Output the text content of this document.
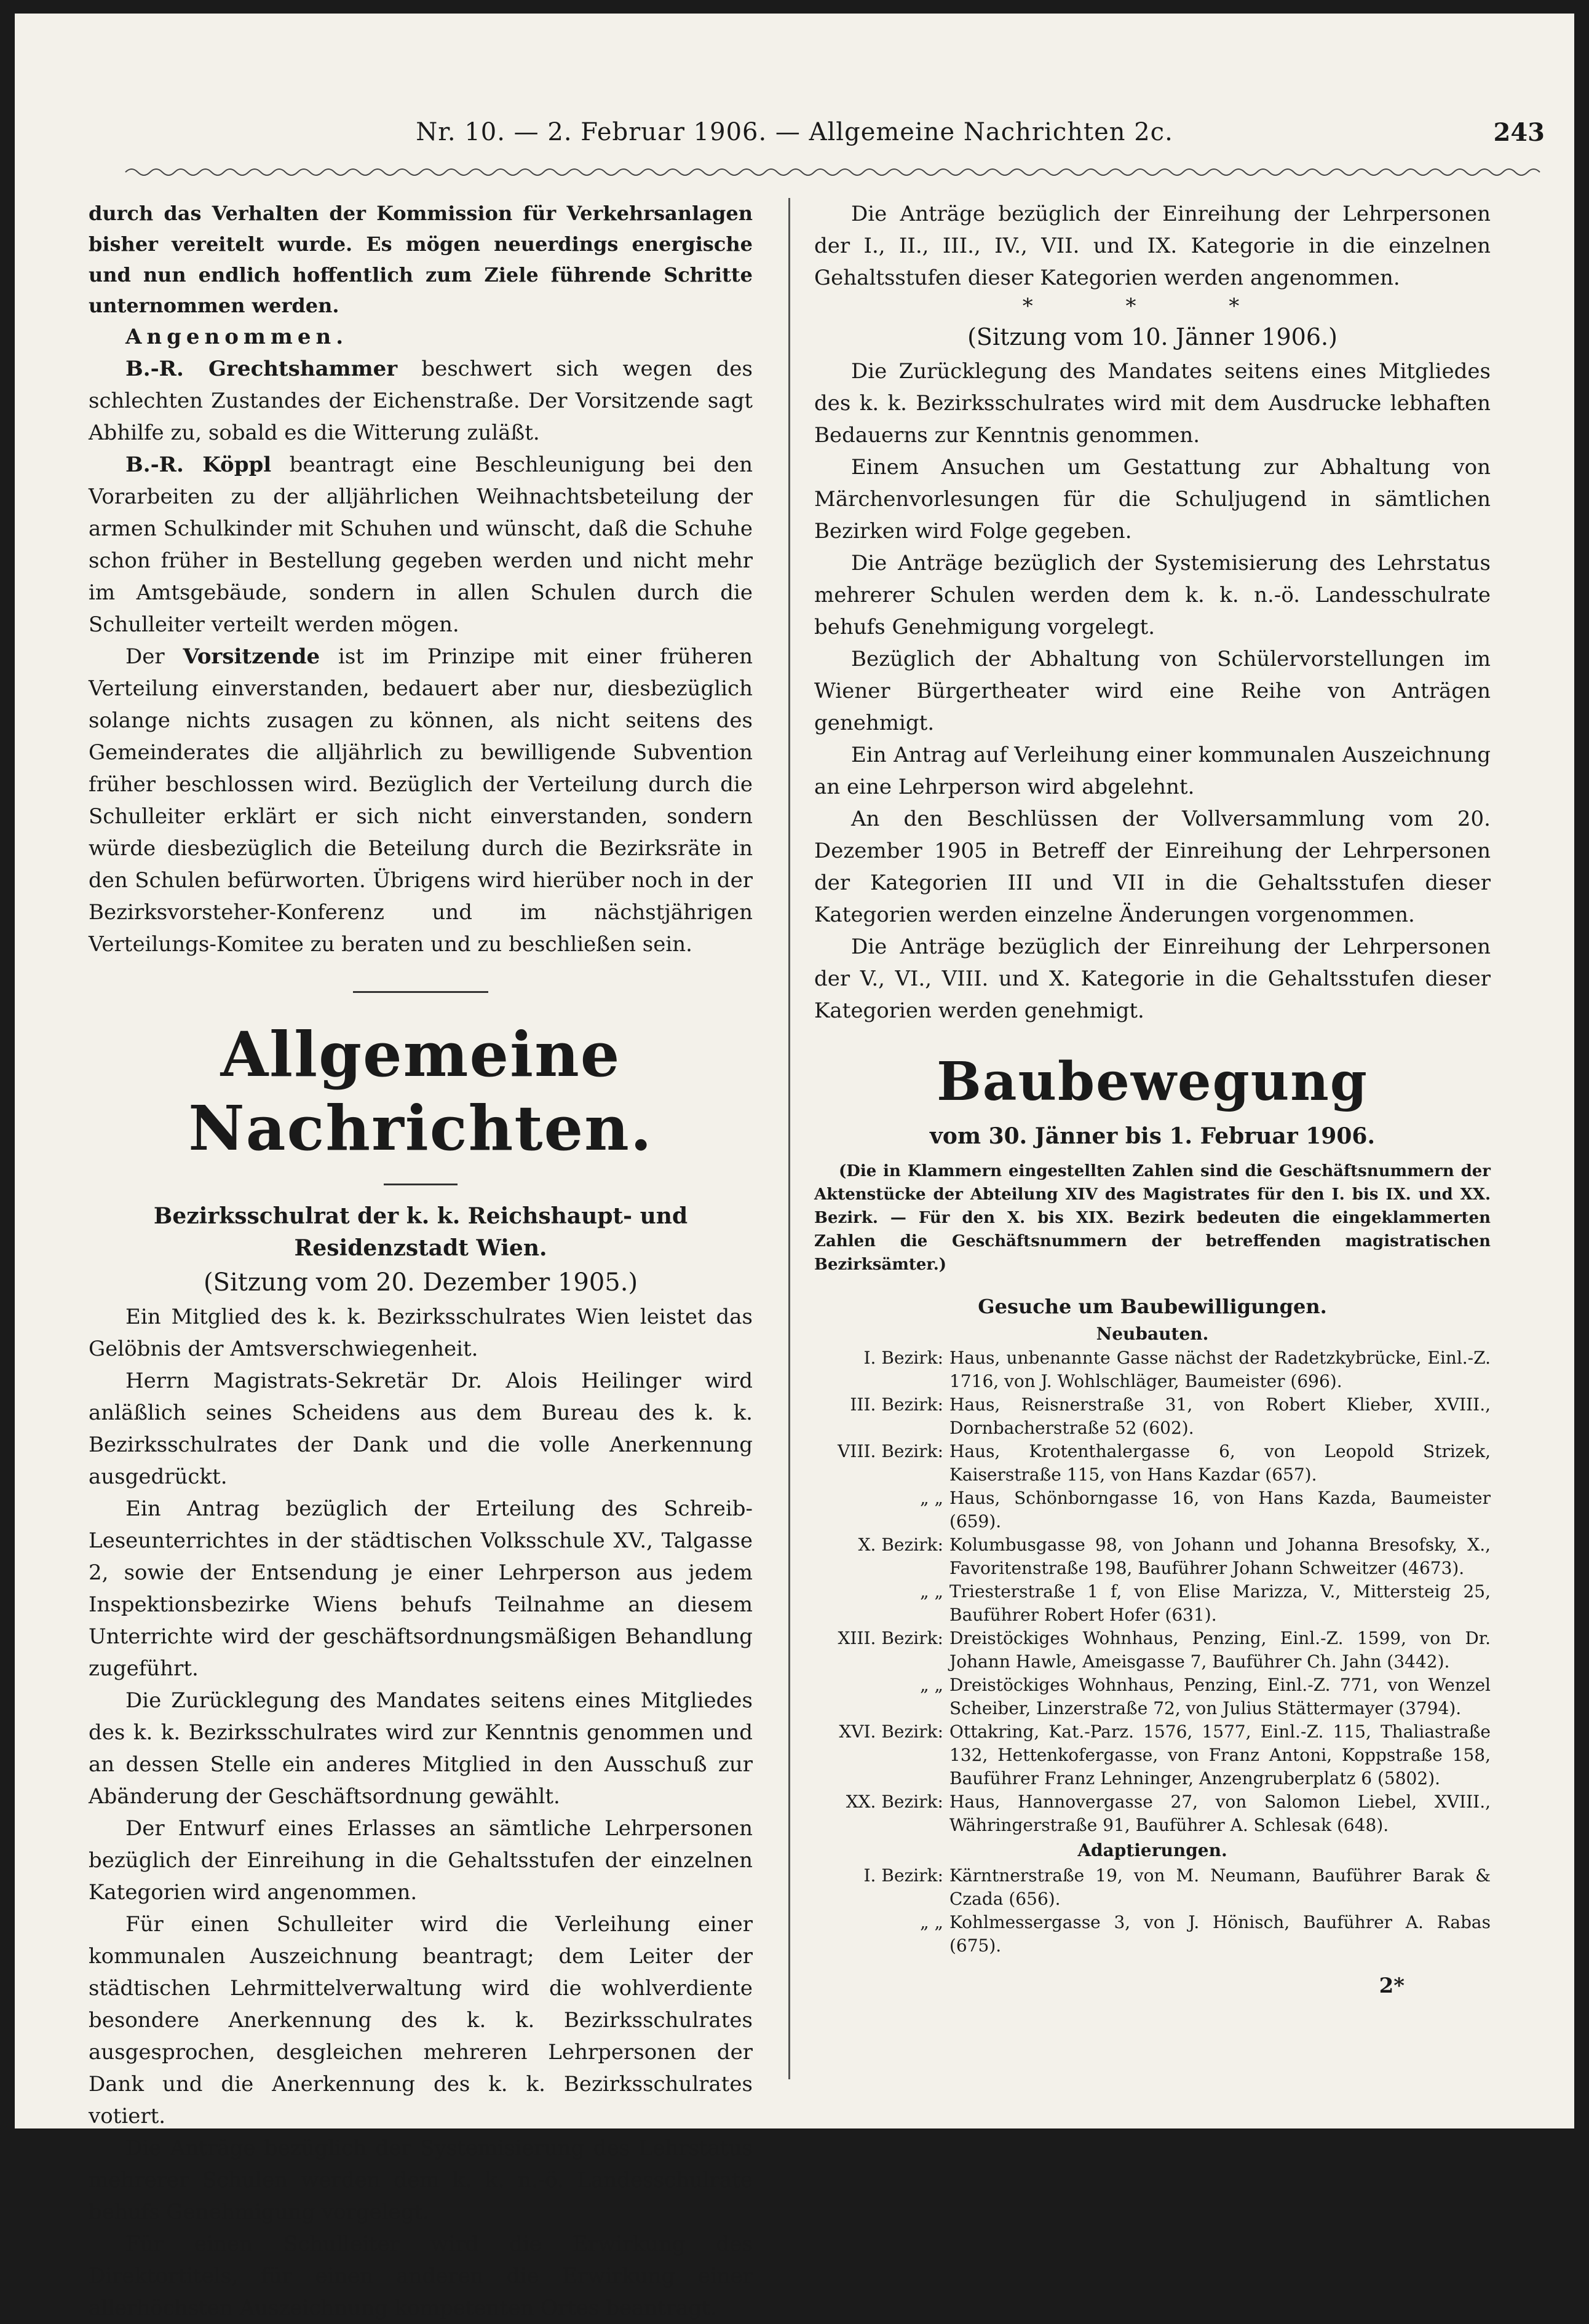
Nr. 10. — 2. Februar 1906. — Allgemeine Nachrichten 2c.	243

durch das Verhalten der Kommission für Verkehrsanlagen bisher vereitelt wurde. Es mögen neuerdings energische und nun endlich hoffentlich zum Ziele führende Schritte unternommen werden.

Angenommen.

B.-R. Grechtshammer beschwert sich wegen des schlechten Zustandes der Eichenstraße. Der Vorsitzende sagt Abhilfe zu, sobald es die Witterung zuläßt.

B.-R. Köppl beantragt eine Beschleunigung bei den Vorarbeiten zu der alljährlichen Weihnachtsbeteilung der armen Schulkinder mit Schuhen und wünscht, daß die Schuhe schon früher in Bestellung gegeben werden und nicht mehr im Amtsgebäude, sondern in allen Schulen durch die Schulleiter verteilt werden mögen.

Der Vorsitzende ist im Prinzipe mit einer früheren Verteilung einverstanden, bedauert aber nur, diesbezüglich solange nichts zusagen zu können, als nicht seitens des Gemeinderates die alljährlich zu bewilligende Subvention früher beschlossen wird. Bezüglich der Verteilung durch die Schulleiter erklärt er sich nicht einverstanden, sondern würde diesbezüglich die Beteilung durch die Bezirksräte in den Schulen befürworten. Übrigens wird hierüber noch in der Bezirksvorsteher-Konferenz und im nächstjährigen Verteilungs-Komitee zu beraten und zu beschließen sein.

Allgemeine Nachrichten.
Bezirksschulrat der k. k. Reichshaupt- und Residenzstadt Wien.

(Sitzung vom 20. Dezember 1905.)

Ein Mitglied des k. k. Bezirksschulrates Wien leistet das Gelöbnis der Amtsverschwiegenheit.

Herrn Magistrats-Sekretär Dr. Alois Heilinger wird anläßlich seines Scheidens aus dem Bureau des k. k. Bezirksschulrates der Dank und die volle Anerkennung ausgedrückt.

Ein Antrag bezüglich der Erteilung des Schreib-Leseunterrichtes in der städtischen Volksschule XV., Talgasse 2, sowie der Entsendung je einer Lehrperson aus jedem Inspektionsbezirke Wiens behufs Teilnahme an diesem Unterrichte wird der geschäftsordnungsmäßigen Behandlung zugeführt.

Die Zurücklegung des Mandates seitens eines Mitgliedes des k. k. Bezirksschulrates wird zur Kenntnis genommen und an dessen Stelle ein anderes Mitglied in den Ausschuß zur Abänderung der Geschäftsordnung gewählt.

Der Entwurf eines Erlasses an sämtliche Lehrpersonen bezüglich der Einreihung in die Gehaltsstufen der einzelnen Kategorien wird angenommen.

Für einen Schulleiter wird die Verleihung einer kommunalen Auszeichnung beantragt; dem Leiter der städtischen Lehrmittelverwaltung wird die wohlverdiente besondere Anerkennung des k. k. Bezirksschulrates ausgesprochen, desgleichen mehreren Lehrpersonen der Dank und die Anerkennung des k. k. Bezirksschulrates votiert.

Die Anträge bezüglich der Systemisierung des Lehrstatus mehrerer Schulen werden dem k. k. n.-ö. Landesschulrate behufs Genehmigung vorgelegt.

Für einen Schulleiter wird die Erwirkung des Direktortitels, für einen anderen die Erwirkung einer allerhöchsten Auszeichnung kompetenten Ortes beantragt.

Die Anträge bezüglich der Einreihung der Lehrpersonen der I., II., III., IV., VII. und IX. Kategorie in die einzelnen Gehaltsstufen dieser Kategorien werden angenommen.

* * *

(Sitzung vom 10. Jänner 1906.)

Die Zurücklegung des Mandates seitens eines Mitgliedes des k. k. Bezirksschulrates wird mit dem Ausdrucke lebhaften Bedauerns zur Kenntnis genommen.

Einem Ansuchen um Gestattung zur Abhaltung von Märchenvorlesungen für die Schuljugend in sämtlichen Bezirken wird Folge gegeben.

Die Anträge bezüglich der Systemisierung des Lehrstatus mehrerer Schulen werden dem k. k. n.-ö. Landesschulrate behufs Genehmigung vorgelegt.

Bezüglich der Abhaltung von Schülervorstellungen im Wiener Bürgertheater wird eine Reihe von Anträgen genehmigt.

Ein Antrag auf Verleihung einer kommunalen Auszeichnung an eine Lehrperson wird abgelehnt.

An den Beschlüssen der Vollversammlung vom 20. Dezember 1905 in Betreff der Einreihung der Lehrpersonen der Kategorien III und VII in die Gehaltsstufen dieser Kategorien werden einzelne Änderungen vorgenommen.

Die Anträge bezüglich der Einreihung der Lehrpersonen der V., VI., VIII. und X. Kategorie in die Gehaltsstufen dieser Kategorien werden genehmigt.

Baubewegung

vom 30. Jänner bis 1. Februar 1906.

(Die in Klammern eingestellten Zahlen sind die Geschäftsnummern der Aktenstücke der Abteilung XIV des Magistrates für den I. bis IX. und XX. Bezirk. — Für den X. bis XIX. Bezirk bedeuten die eingeklammerten Zahlen die Geschäftsnummern der betreffenden magistratischen Bezirksämter.)

Gesuche um Baubewilligungen.

Neubauten.

I. Bezirk: Haus, unbenannte Gasse nächst der Radetzkybrücke, Einl.-Z. 1716, von J. Wohlschläger, Baumeister (696).
III. Bezirk: Haus, Reisnerstraße 31, von Robert Klieber, XVIII., Dornbacherstraße 52 (602).
VIII. Bezirk: Haus, Krotenthalergasse 6, von Leopold Strizek, Kaiserstraße 115, von Hans Kazdar (657).
„ „ Haus, Schönborngasse 16, von Hans Kazda, Baumeister (659).
X. Bezirk: Kolumbusgasse 98, von Johann und Johanna Bresofsky, X., Favoritenstraße 198, Bauführer Johann Schweitzer (4673).
„ „ Triesterstraße 1 f, von Elise Marizza, V., Mittersteig 25, Bauführer Robert Hofer (631).
XIII. Bezirk: Dreistöckiges Wohnhaus, Penzing, Einl.-Z. 1599, von Dr. Johann Hawle, Ameisgasse 7, Bauführer Ch. Jahn (3442).
„ „ Dreistöckiges Wohnhaus, Penzing, Einl.-Z. 771, von Wenzel Scheiber, Linzerstraße 72, von Julius Stättermayer (3794).
XVI. Bezirk: Ottakring, Kat.-Parz. 1576, 1577, Einl.-Z. 115, Thaliastraße 132, Hettenkofergasse, von Franz Antoni, Koppstraße 158, Bauführer Franz Lehninger, Anzengruberplatz 6 (5802).
XX. Bezirk: Haus, Hannovergasse 27, von Salomon Liebel, XVIII., Währingerstraße 91, Bauführer A. Schlesak (648).

Adaptierungen.

I. Bezirk: Kärntnerstraße 19, von M. Neumann, Bauführer Barak & Czada (656).
„ „ Kohlmessergasse 3, von J. Hönisch, Bauführer A. Rabas (675).
2*
